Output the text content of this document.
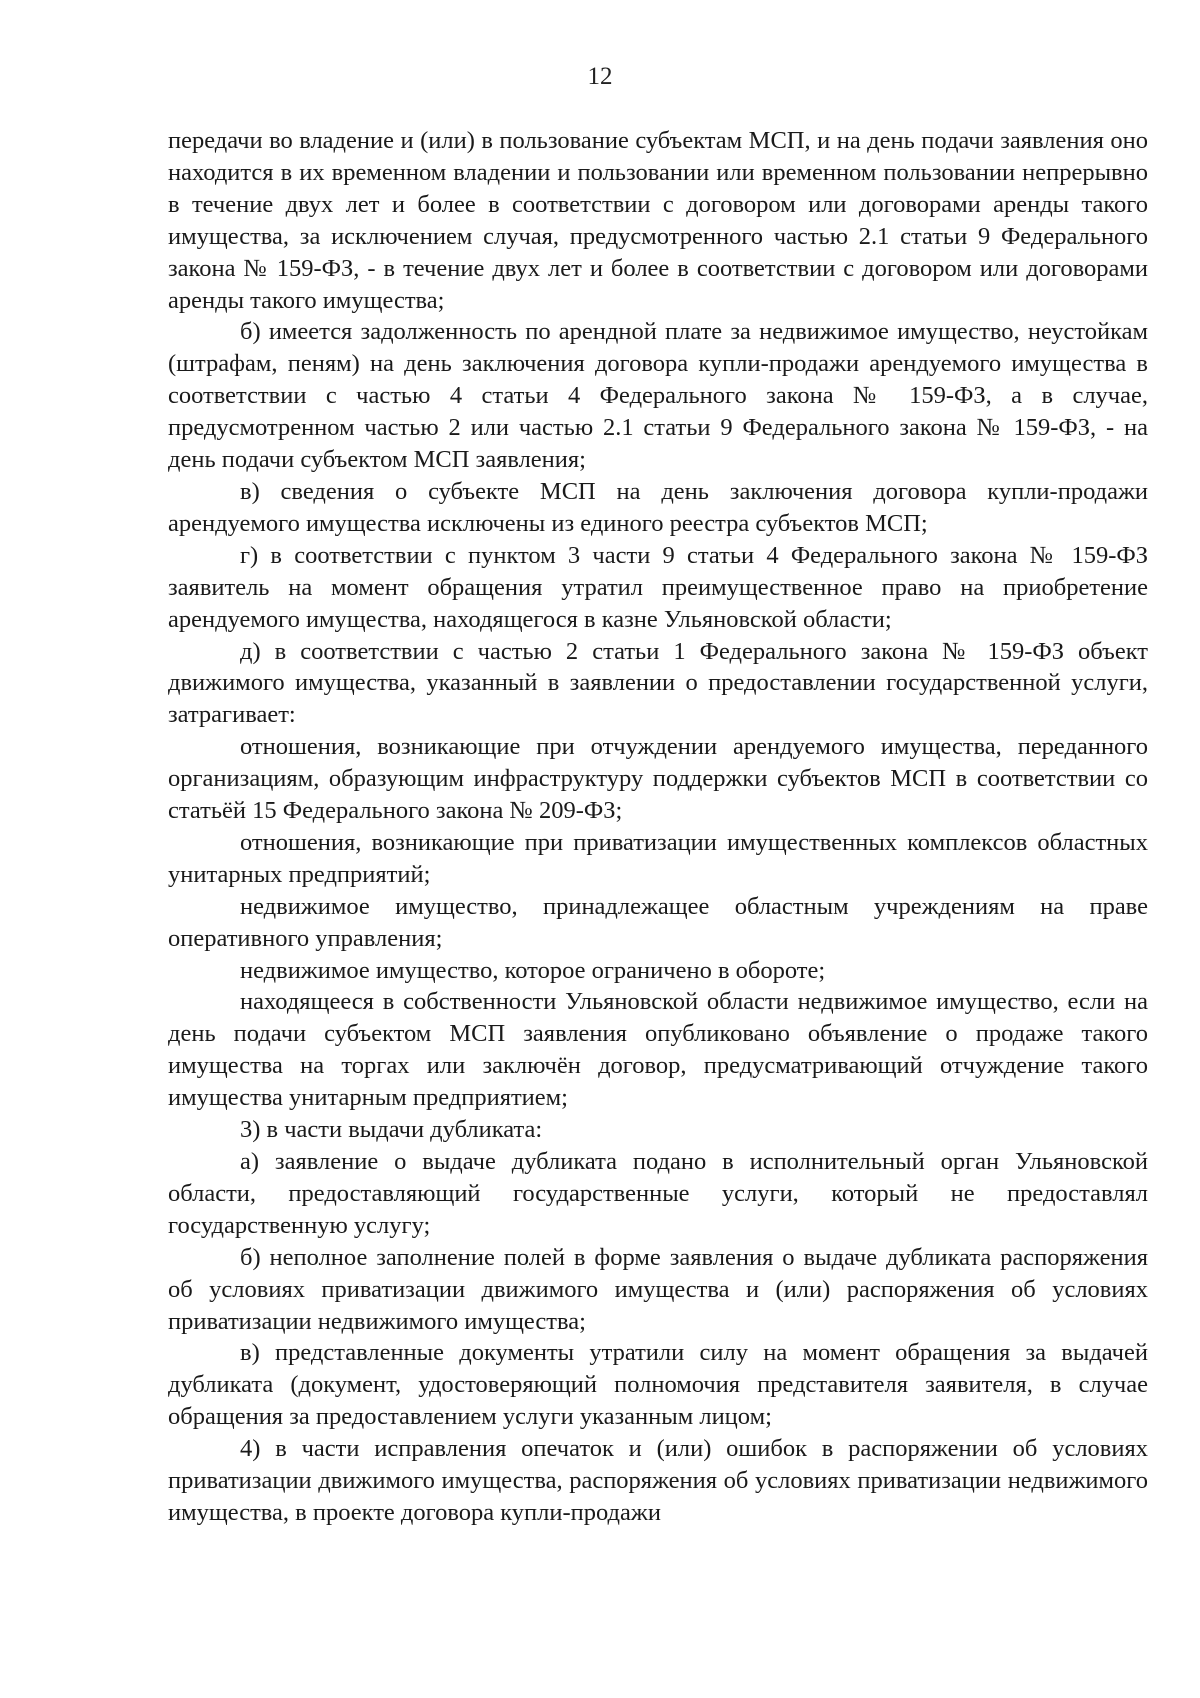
12

передачи во владение и (или) в пользование субъектам МСП, и на день подачи заявления оно находится в их временном владении и пользовании или временном пользовании непрерывно в течение двух лет и более в соответствии с договором или договорами аренды такого имущества, за исключением случая, предусмотренного частью 2.1 статьи 9 Федерального закона № 159-ФЗ, - в течение двух лет и более в соответствии с договором или договорами аренды такого имущества;

б) имеется задолженность по арендной плате за недвижимое имущество, неустойкам (штрафам, пеням) на день заключения договора купли-продажи арендуемого имущества в соответствии с частью 4 статьи 4 Федерального закона № 159-ФЗ, а в случае, предусмотренном частью 2 или частью 2.1 статьи 9 Федерального закона № 159-ФЗ, - на день подачи субъектом МСП заявления;

в) сведения о субъекте МСП на день заключения договора купли-продажи арендуемого имущества исключены из единого реестра субъектов МСП;

г) в соответствии с пунктом 3 части 9 статьи 4 Федерального закона № 159-ФЗ заявитель на момент обращения утратил преимущественное право на приобретение арендуемого имущества, находящегося в казне Ульяновской области;

д) в соответствии с частью 2 статьи 1 Федерального закона № 159-ФЗ объект движимого имущества, указанный в заявлении о предоставлении государственной услуги, затрагивает:

отношения, возникающие при отчуждении арендуемого имущества, переданного организациям, образующим инфраструктуру поддержки субъектов МСП в соответствии со статьёй 15 Федерального закона № 209-ФЗ;

отношения, возникающие при приватизации имущественных комплексов областных унитарных предприятий;

недвижимое имущество, принадлежащее областным учреждениям на праве оперативного управления;

недвижимое имущество, которое ограничено в обороте;

находящееся в собственности Ульяновской области недвижимое имущество, если на день подачи субъектом МСП заявления опубликовано объявление о продаже такого имущества на торгах или заключён договор, предусматривающий отчуждение такого имущества унитарным предприятием;

3) в части выдачи дубликата:

а) заявление о выдаче дубликата подано в исполнительный орган Ульяновской области, предоставляющий государственные услуги, который не предоставлял государственную услугу;

б) неполное заполнение полей в форме заявления о выдаче дубликата распоряжения об условиях приватизации движимого имущества и (или) распоряжения об условиях приватизации недвижимого имущества;

в) представленные документы утратили силу на момент обращения за выдачей дубликата (документ, удостоверяющий полномочия представителя заявителя, в случае обращения за предоставлением услуги указанным лицом;

4) в части исправления опечаток и (или) ошибок в распоряжении об условиях приватизации движимого имущества, распоряжения об условиях приватизации недвижимого имущества, в проекте договора купли-продажи
